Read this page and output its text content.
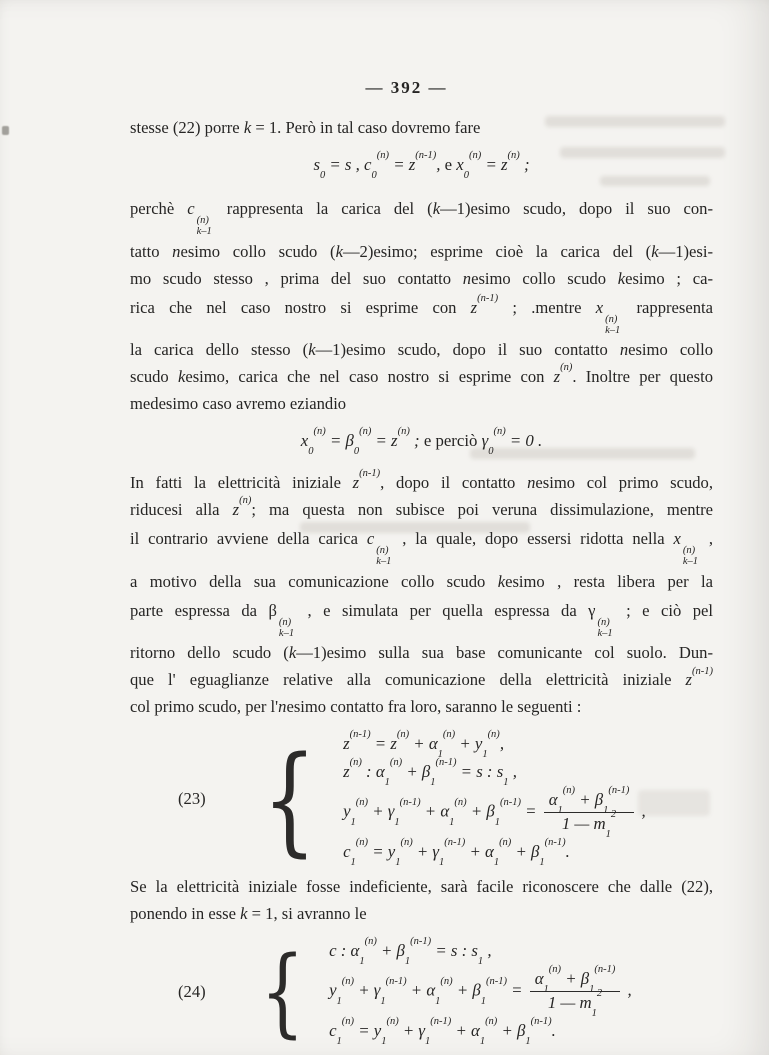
— 392 —
stesse (22) porre k = 1. Però in tal caso dovremo fare
$s_0 = s$ , $c_0^{(n)} = z^{(n-1)}$, e $x_0^{(n)} = z^{(n)}$ ;
perchè c
(n)
k–1
rappresenta la carica del (k—1)esimo scudo, dopo il suo con-
tatto nesimo collo scudo (k—2)esimo; esprime cioè la carica del (k—1)esi-
mo scudo stesso , prima del suo contatto nesimo collo scudo kesimo ; ca-
rica che nel caso nostro si esprime con $z^{(n-1)}$ ; .mentre x
(n)
k–1
rappresenta
la carica dello stesso (k—1)esimo scudo, dopo il suo contatto nesimo collo
scudo kesimo, carica che nel caso nostro si esprime con $z^{(n)}$. Inoltre per questo
medesimo caso avremo eziandio
$x_0^{(n)} = \beta_0^{(n)} = z^{(n)}$ ; e perciò $\gamma_0^{(n)} = 0$ .
In fatti la elettricità iniziale $z^{(n-1)}$, dopo il contatto nesimo col primo scudo,
riducesi alla $z^{(n)}$; ma questa non subisce poi veruna dissimulazione, mentre
il contrario avviene della carica c
(n)
k–1
, la quale, dopo essersi ridotta nella x
(n)
k–1
,
a motivo della sua comunicazione collo scudo kesimo , resta libera per la
parte espressa da β
(n)
k–1
, e simulata per quella espressa da γ
(n)
k–1
; e ciò pel
ritorno dello scudo (k—1)esimo sulla sua base comunicante col suolo. Dun-
que l' eguaglianze relative alla comunicazione della elettricità iniziale $z^{(n-1)}$
col primo scudo, per l'nesimo contatto fra loro, saranno le seguenti :
(23) { $z^{(n-1)} = z^{(n)} + \alpha_1^{(n)} + y_1^{(n)}$,
$z^{(n)}$ : $\alpha_1^{(n)} + \beta_1^{(n-1)} = s$ : $s_1$ ,
$y_1^{(n)} + \gamma_1^{(n-1)} + \alpha_1^{(n)} + \beta_1^{(n-1)} = \frac{\alpha_1^{(n)} + \beta_1^{(n-1)}}{1 — m_1^2}$ ,
$c_1^{(n)} = y_1^{(n)} + \gamma_1^{(n-1)} + \alpha_1^{(n)} + \beta_1^{(n-1)}$.
Se la elettricità iniziale fosse indeficiente, sarà facile riconoscere che dalle (22),
ponendo in esse k = 1, si avranno le
(24) { c : $\alpha_1^{(n)} + \beta_1^{(n-1)} = s$ : $s_1$ ,
$y_1^{(n)} + \gamma_1^{(n-1)} + \alpha_1^{(n)} + \beta_1^{(n-1)} = \frac{\alpha_1^{(n)} + \beta_1^{(n-1)}}{1 — m_1^2}$ ,
$c_1^{(n)} = y_1^{(n)} + \gamma_1^{(n-1)} + \alpha_1^{(n)} + \beta_1^{(n-1)}$.
